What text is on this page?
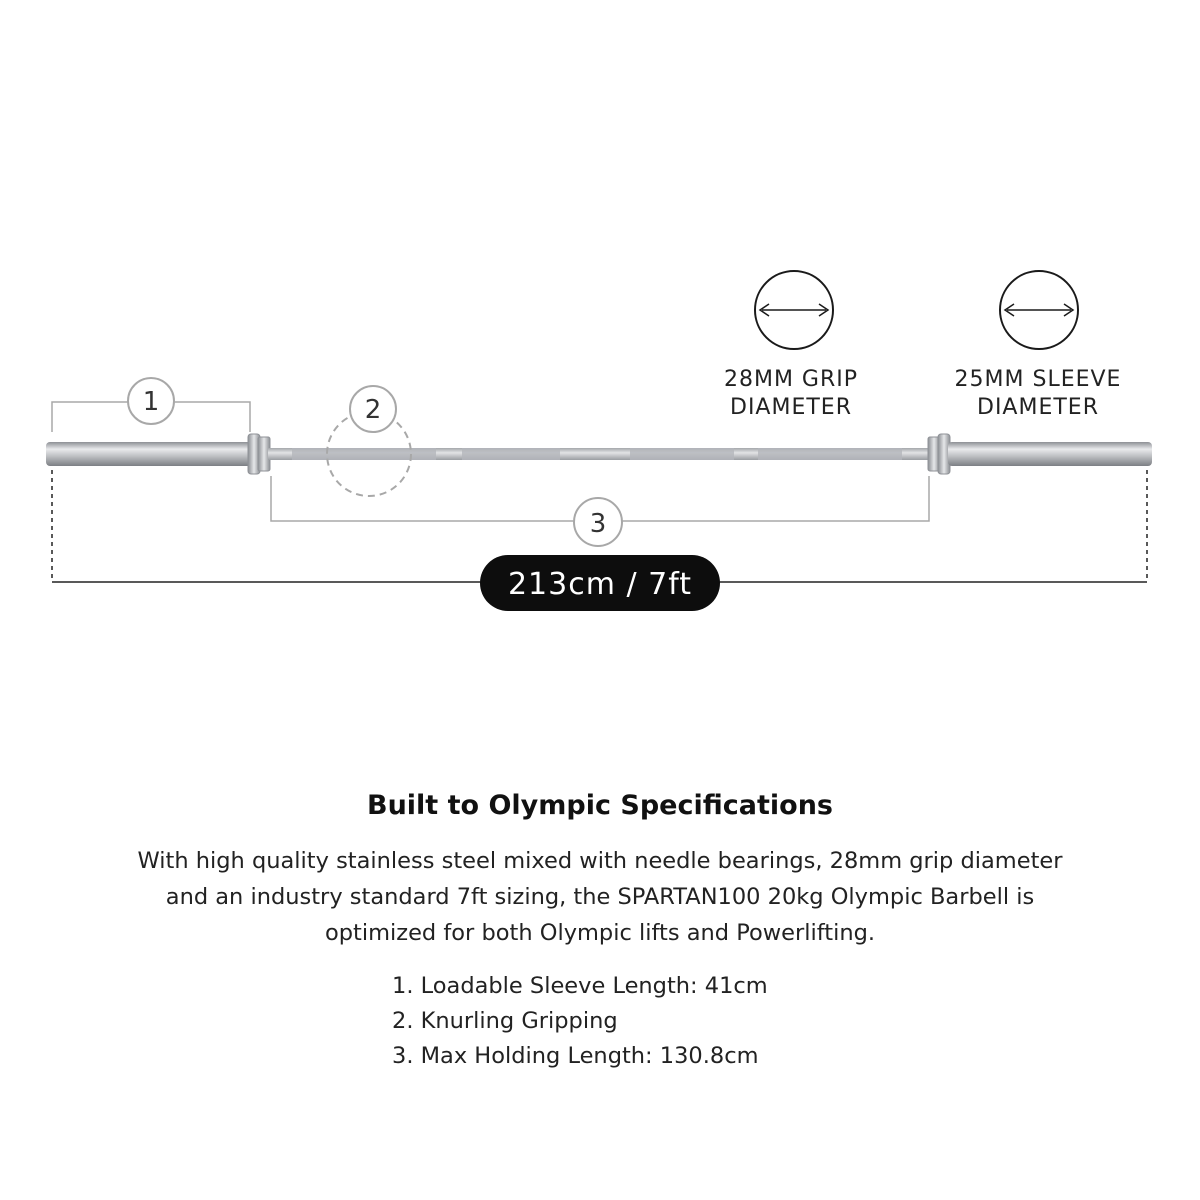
1	2
3
213cm / 7ft
28MM GRIP
DIAMETER
25MM SLEEVE
DIAMETER
Built to Olympic Specifications

With high quality stainless steel mixed with needle bearings, 28mm grip diameter and an industry standard 7ft sizing, the SPARTAN100 20kg Olympic Barbell is optimized for both Olympic lifts and Powerlifting.

1. Loadable Sleeve Length: 41cm
2. Knurling Gripping
3. Max Holding Length: 130.8cm
